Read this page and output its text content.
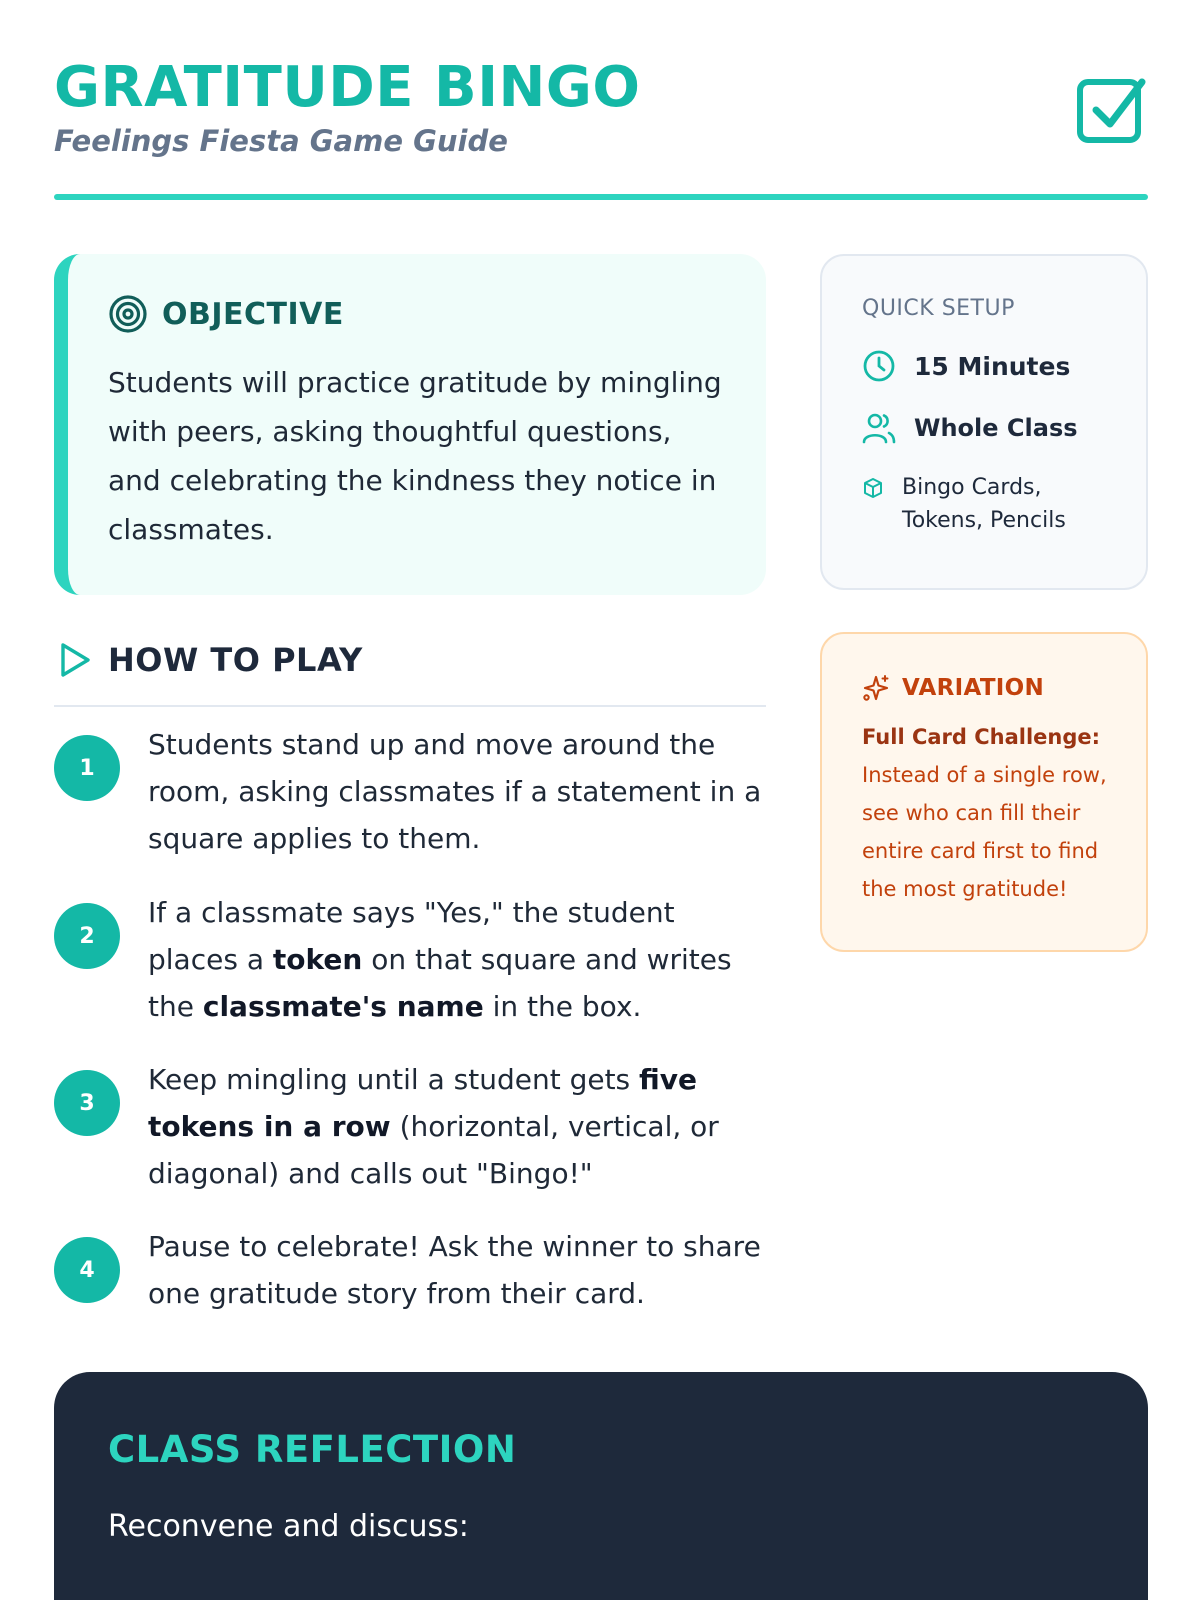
GRATITUDE BINGO
Feelings Fiesta Game Guide
OBJECTIVE

Students will practice gratitude by mingling with peers, asking thoughtful questions, and celebrating the kindness they notice in classmates.

QUICK SETUP
15 Minutes
Whole Class
Bingo Cards,
Tokens, Pencils
VARIATION

Full Card Challenge:
Instead of a single row, see who can fill their entire card first to find the most gratitude!

HOW TO PLAY
1

Students stand up and move around the room, asking classmates if a statement in a square applies to them.

2

If a classmate says "Yes," the student places a token on that square and writes the classmate's name in the box.

3

Keep mingling until a student gets five tokens in a row (horizontal, vertical, or diagonal) and calls out "Bingo!"

4

Pause to celebrate! Ask the winner to share one gratitude story from their card.

CLASS REFLECTION
Reconvene and discuss:
